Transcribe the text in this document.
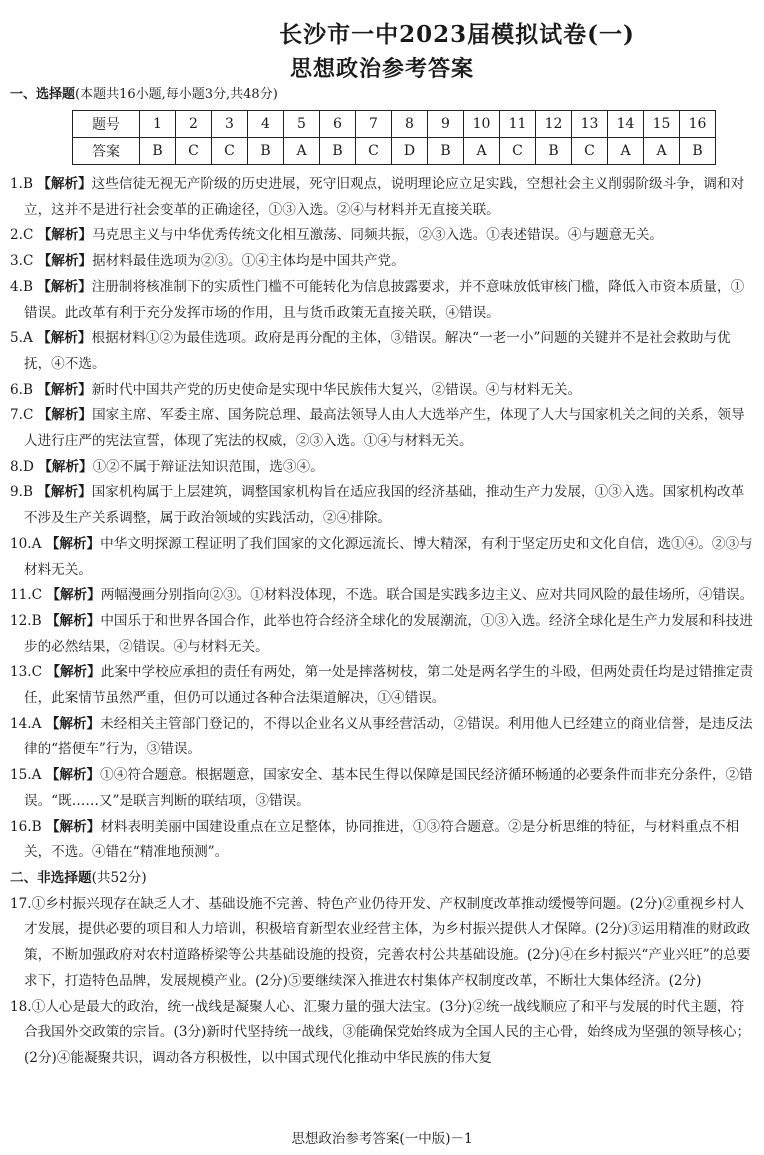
长沙市一中2023届模拟试卷(一)
思想政治参考答案
一、选择题(本题共16小题,每小题3分,共48分)
题号	1	2	3	4	5	6	7	8	9	10	11	12	13	14	15	16
答案	B	C	C	B	A	B	C	D	B	A	C	B	C	A	A	B

1.B 【解析】这些信徒无视无产阶级的历史进展，死守旧观点，说明理论应立足实践，空想社会主义削弱阶级斗争，调和对立，这并不是进行社会变革的正确途径，①③入选。②④与材料并无直接关联。

2.C 【解析】马克思主义与中华优秀传统文化相互激荡、同频共振，②③入选。①表述错误。④与题意无关。

3.C 【解析】据材料最佳选项为②③。①④主体均是中国共产党。

4.B 【解析】注册制将核准制下的实质性门槛不可能转化为信息披露要求，并不意味放低审核门槛，降低入市资本质量，①错误。此改革有利于充分发挥市场的作用，且与货币政策无直接关联，④错误。

5.A 【解析】根据材料①②为最佳选项。政府是再分配的主体，③错误。解决“一老一小”问题的关键并不是社会救助与优抚，④不选。

6.B 【解析】新时代中国共产党的历史使命是实现中华民族伟大复兴，②错误。④与材料无关。

7.C 【解析】国家主席、军委主席、国务院总理、最高法领导人由人大选举产生，体现了人大与国家机关之间的关系，领导人进行庄严的宪法宣誓，体现了宪法的权威，②③入选。①④与材料无关。

8.D 【解析】①②不属于辩证法知识范围，选③④。

9.B 【解析】国家机构属于上层建筑，调整国家机构旨在适应我国的经济基础，推动生产力发展，①③入选。国家机构改革不涉及生产关系调整，属于政治领域的实践活动，②④排除。

10.A 【解析】中华文明探源工程证明了我们国家的文化源远流长、博大精深，有利于坚定历史和文化自信，选①④。②③与材料无关。

11.C 【解析】两幅漫画分别指向②③。①材料没体现，不选。联合国是实践多边主义、应对共同风险的最佳场所，④错误。

12.B 【解析】中国乐于和世界各国合作，此举也符合经济全球化的发展潮流，①③入选。经济全球化是生产力发展和科技进步的必然结果，②错误。④与材料无关。

13.C 【解析】此案中学校应承担的责任有两处，第一处是摔落树枝，第二处是两名学生的斗殴，但两处责任均是过错推定责任，此案情节虽然严重，但仍可以通过各种合法渠道解决，①④错误。

14.A 【解析】未经相关主管部门登记的，不得以企业名义从事经营活动，②错误。利用他人已经建立的商业信誉，是违反法律的“搭便车”行为，③错误。

15.A 【解析】①④符合题意。根据题意，国家安全、基本民生得以保障是国民经济循环畅通的必要条件而非充分条件，②错误。“既……又”是联言判断的联结项，③错误。

16.B 【解析】材料表明美丽中国建设重点在立足整体，协同推进，①③符合题意。②是分析思维的特征，与材料重点不相关，不选。④错在“精准地预测”。

二、非选择题(共52分)

17.①乡村振兴现存在缺乏人才、基础设施不完善、特色产业仍待开发、产权制度改革推动缓慢等问题。(2分)②重视乡村人才发展，提供必要的项目和人力培训，积极培育新型农业经营主体，为乡村振兴提供人才保障。(2分)③运用精准的财政政策，不断加强政府对农村道路桥梁等公共基础设施的投资，完善农村公共基础设施。(2分)④在乡村振兴“产业兴旺”的总要求下，打造特色品牌，发展规模产业。(2分)⑤要继续深入推进农村集体产权制度改革，不断壮大集体经济。(2分)

18.①人心是最大的政治，统一战线是凝聚人心、汇聚力量的强大法宝。(3分)②统一战线顺应了和平与发展的时代主题，符合我国外交政策的宗旨。(3分)新时代坚持统一战线，③能确保党始终成为全国人民的主心骨，始终成为坚强的领导核心；(2分)④能凝聚共识，调动各方积极性，以中国式现代化推动中华民族的伟大复

思想政治参考答案(一中版)－1
